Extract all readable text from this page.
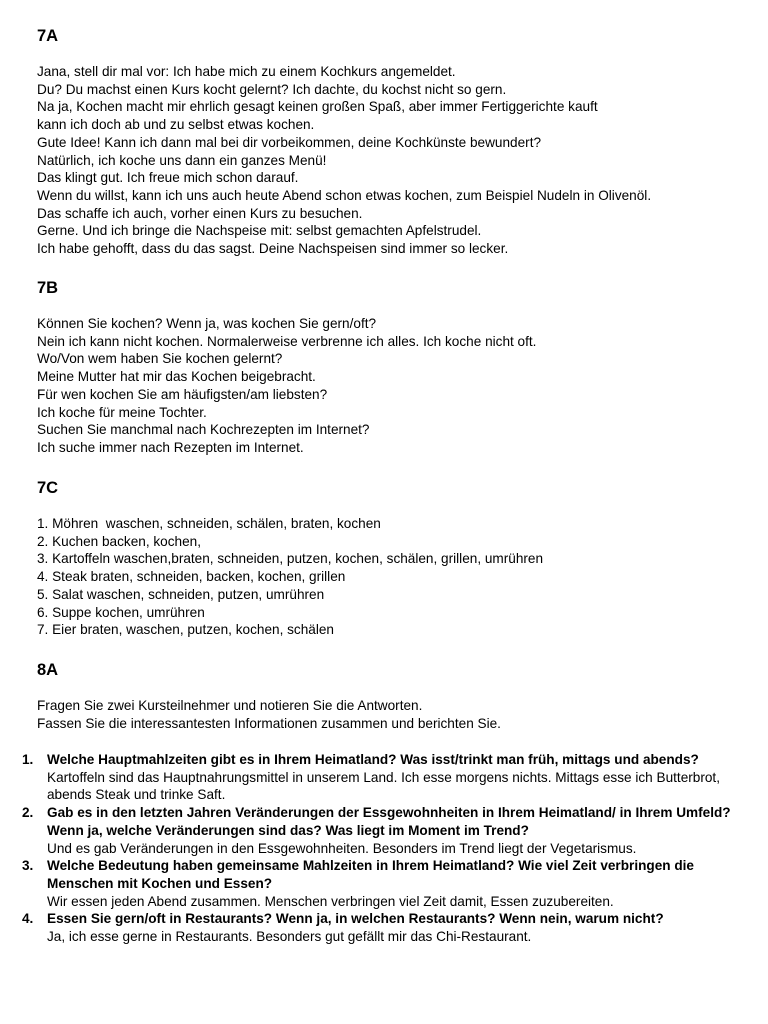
7A
Jana, stell dir mal vor: Ich habe mich zu einem Kochkurs angemeldet.
Du? Du machst einen Kurs kocht gelernt? Ich dachte, du kochst nicht so gern.
Na ja, Kochen macht mir ehrlich gesagt keinen großen Spaß, aber immer Fertiggerichte kauft
kann ich doch ab und zu selbst etwas kochen.
Gute Idee! Kann ich dann mal bei dir vorbeikommen, deine Kochkünste bewundert?
Natürlich, ich koche uns dann ein ganzes Menü!
Das klingt gut. Ich freue mich schon darauf.
Wenn du willst, kann ich uns auch heute Abend schon etwas kochen, zum Beispiel Nudeln in Olivenöl.
Das schaffe ich auch, vorher einen Kurs zu besuchen.
Gerne. Und ich bringe die Nachspeise mit: selbst gemachten Apfelstrudel.
Ich habe gehofft, dass du das sagst. Deine Nachspeisen sind immer so lecker.
7B
Können Sie kochen? Wenn ja, was kochen Sie gern/oft?
Nein ich kann nicht kochen. Normalerweise verbrenne ich alles. Ich koche nicht oft.
Wo/Von wem haben Sie kochen gelernt?
Meine Mutter hat mir das Kochen beigebracht.
Für wen kochen Sie am häufigsten/am liebsten?
Ich koche für meine Tochter.
Suchen Sie manchmal nach Kochrezepten im Internet?
Ich suche immer nach Rezepten im Internet.
7C
1. Möhren  waschen, schneiden, schälen, braten, kochen
2. Kuchen backen, kochen,
3. Kartoffeln waschen,braten, schneiden, putzen, kochen, schälen, grillen, umrühren
4. Steak braten, schneiden, backen, kochen, grillen
5. Salat waschen, schneiden, putzen, umrühren
6. Suppe kochen, umrühren
7. Eier braten, waschen, putzen, kochen, schälen
8A
Fragen Sie zwei Kursteilnehmer und notieren Sie die Antworten.
Fassen Sie die interessantesten Informationen zusammen und berichten Sie.
1. Welche Hauptmahlzeiten gibt es in Ihrem Heimatland? Was isst/trinkt man früh, mittags und abends?

Kartoffeln sind das Hauptnahrungsmittel in unserem Land. Ich esse morgens nichts. Mittags esse ich Butterbrot, abends Steak und trinke Saft.

2. Gab es in den letzten Jahren Veränderungen der Essgewohnheiten in Ihrem Heimatland/ in Ihrem Umfeld? Wenn ja, welche Veränderungen sind das? Was liegt im Moment im Trend?

Und es gab Veränderungen in den Essgewohnheiten. Besonders im Trend liegt der Vegetarismus.

3. Welche Bedeutung haben gemeinsame Mahlzeiten in Ihrem Heimatland? Wie viel Zeit verbringen die Menschen mit Kochen und Essen?

Wir essen jeden Abend zusammen. Menschen verbringen viel Zeit damit, Essen zuzubereiten.

4. Essen Sie gern/oft in Restaurants? Wenn ja, in welchen Restaurants? Wenn nein, warum nicht?

Ja, ich esse gerne in Restaurants. Besonders gut gefällt mir das Chi-Restaurant.
